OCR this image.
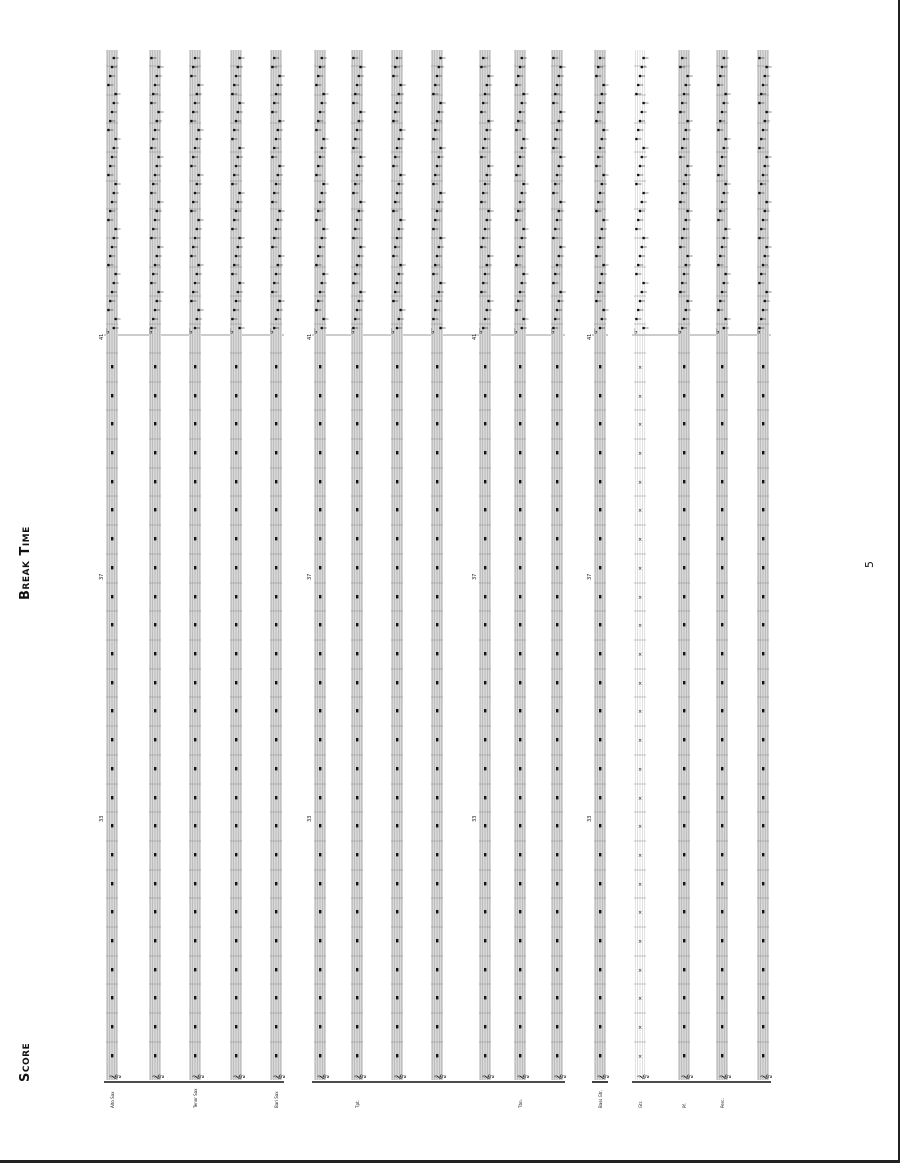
Score
Break Time	5
𝄞
♭
𝄞
♭
𝄞
♭
𝄞
♭
𝄞
♭
𝄞
♭
𝄞
♭
𝄞
♭
𝄞
♭
𝄞
♭
𝄞
♭
𝄞
♭
𝄞
♭
×
×
×
×
×
×
×
×
×
×
×
×
×
×
×
×
×
×
×
×
×
×
×
×
×
𝄞
♭
𝄞
♭
𝄞
♭
𝄞
♭
Alto Sax	Tenor Sax	Bari Sax	Tpt.	Tbn.	Bass Gtr.	Gtr.	Pf.	Perc.
33
37
41
33
37
41
33
37
41
33
37
41
